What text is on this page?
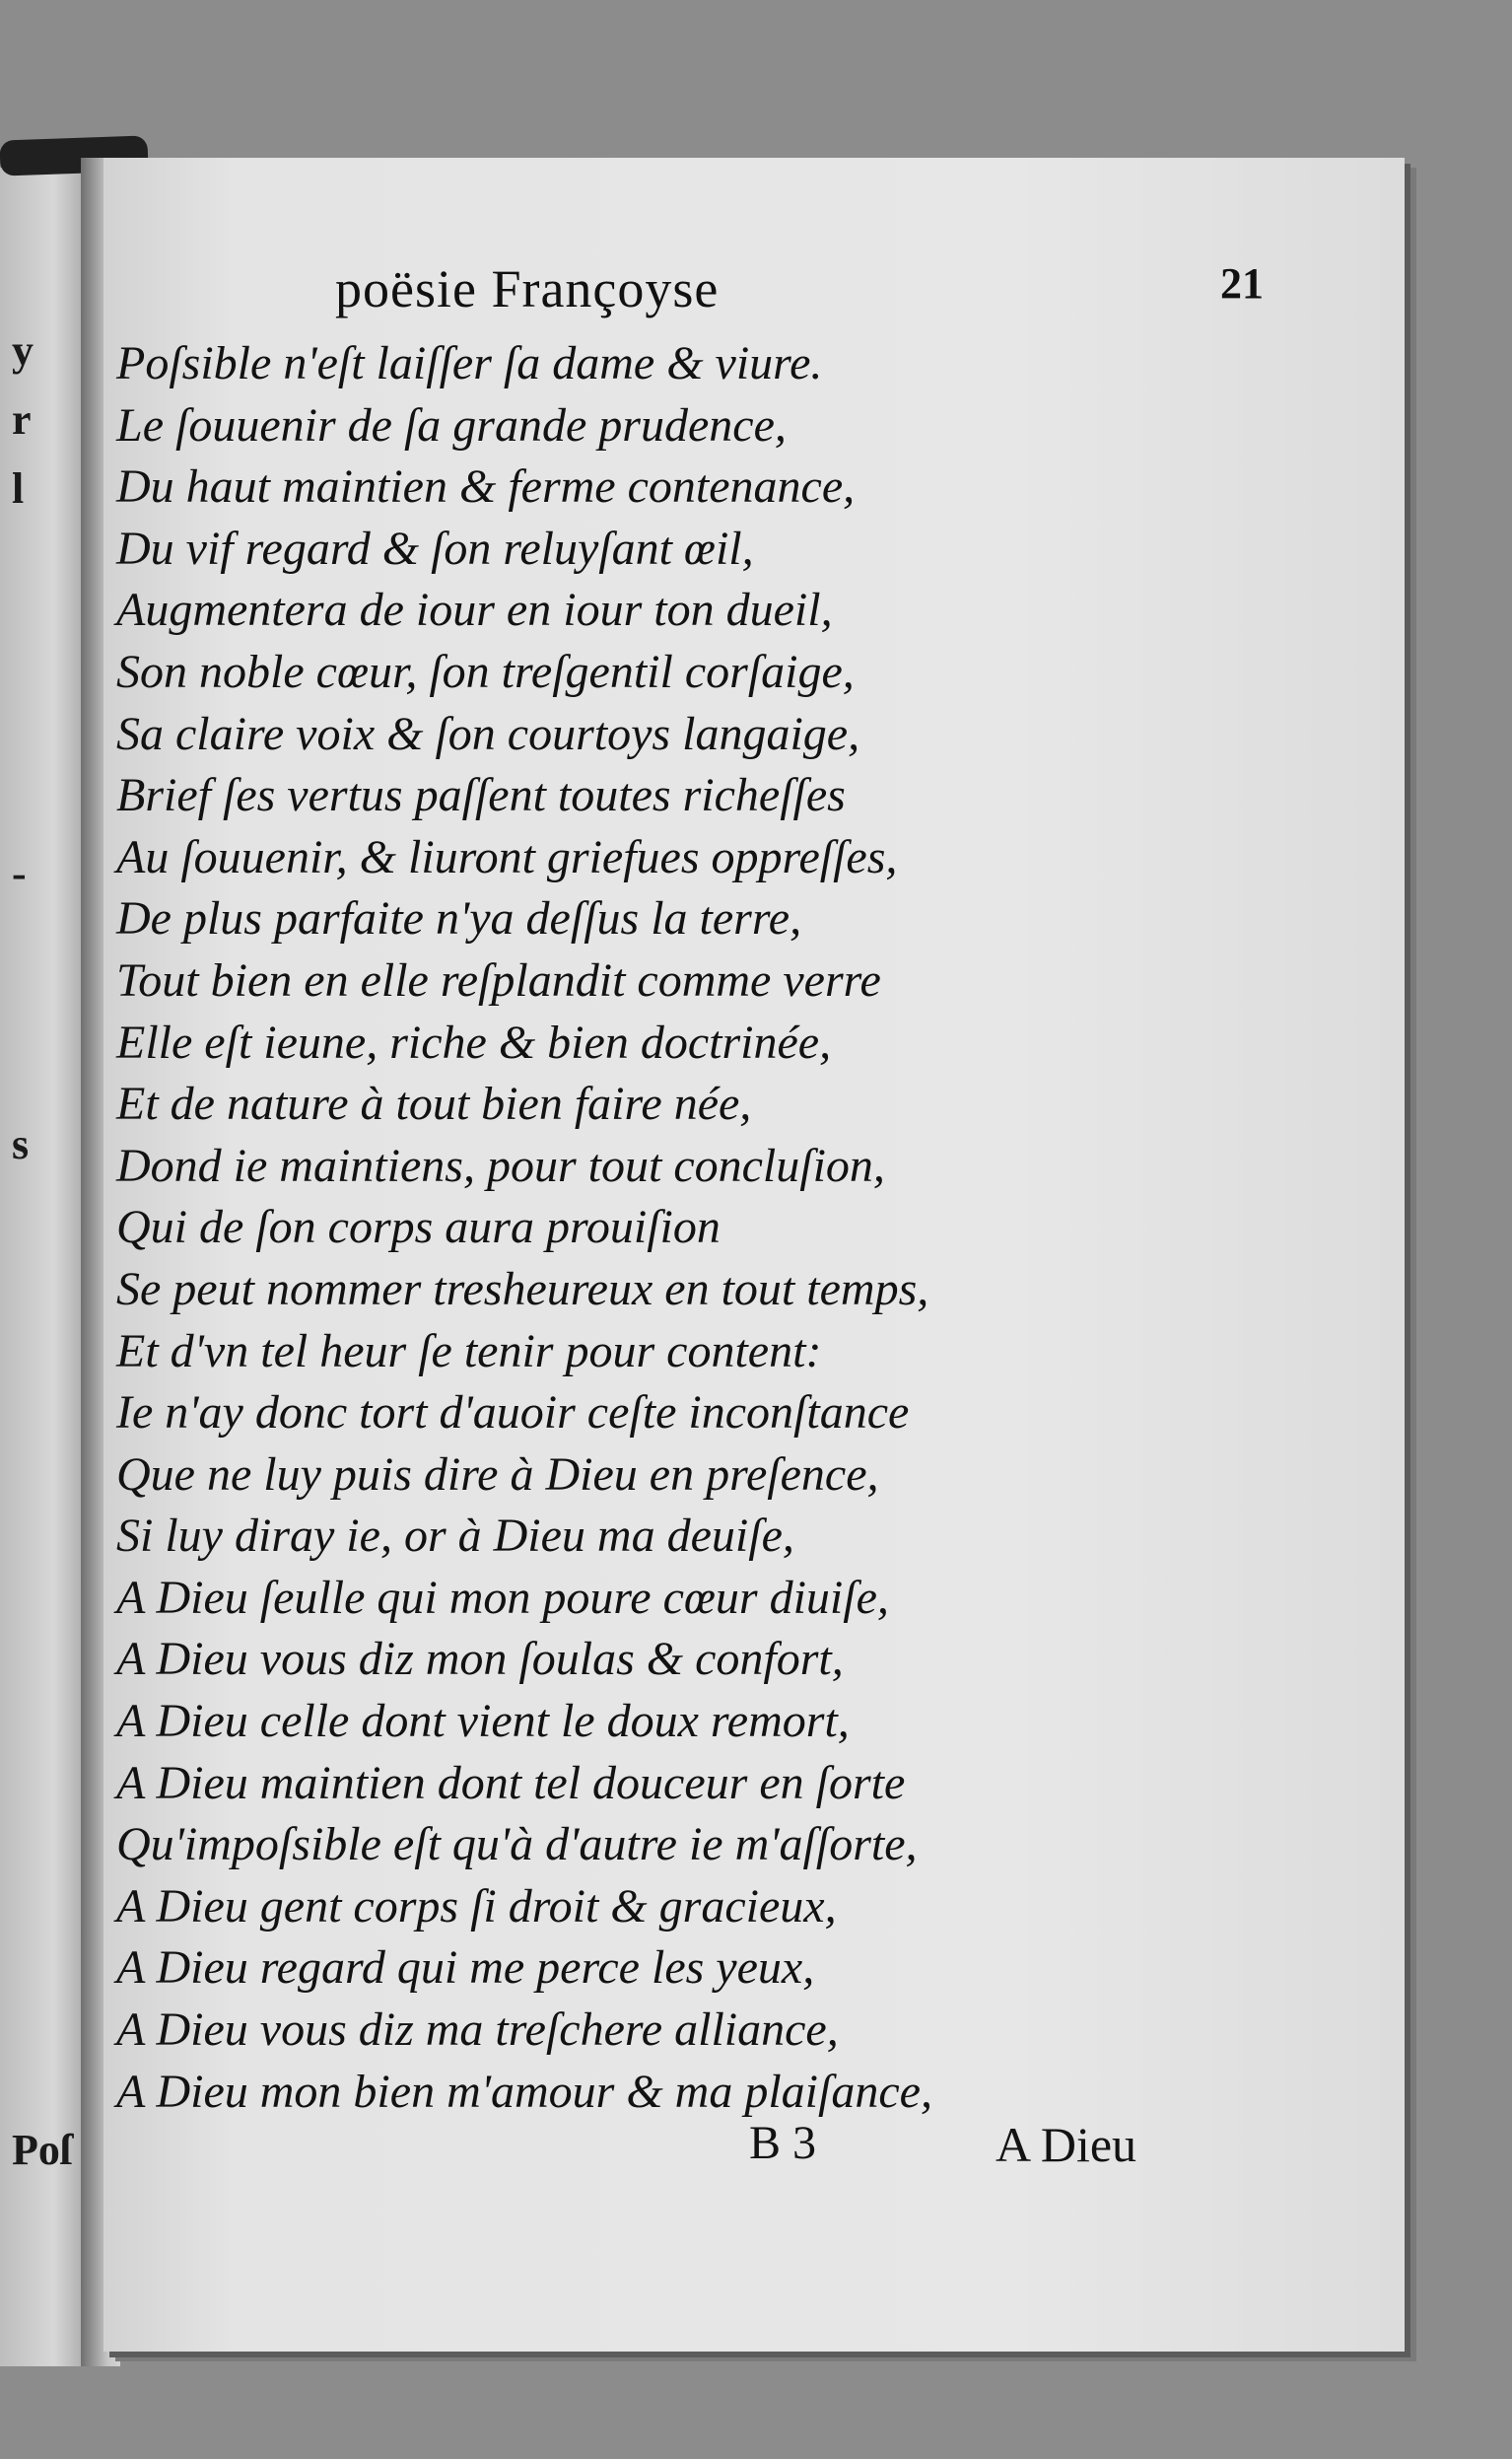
y
r
l
-
s
Poſ
poësie Françoyse	21
Poſsible n'eſt laiſſer ſa dame & viure.
Le ſouuenir de ſa grande prudence,
Du haut maintien & ferme contenance,
Du vif regard & ſon reluyſant œil,
Augmentera de iour en iour ton dueil,
Son noble cœur, ſon treſgentil corſaige,
Sa claire voix & ſon courtoys langaige,
Brief ſes vertus paſſent toutes richeſſes
Au ſouuenir, & liuront griefues oppreſſes,
De plus parfaite n'ya deſſus la terre,
Tout bien en elle reſplandit comme verre
Elle eſt ieune, riche & bien doctrinée,
Et de nature à tout bien faire née,
Dond ie maintiens, pour tout concluſion,
Qui de ſon corps aura prouiſion
Se peut nommer tresheureux en tout temps,
Et d'vn tel heur ſe tenir pour content:
Ie n'ay donc tort d'auoir ceſte inconſtance
Que ne luy puis dire à Dieu en preſence,
Si luy diray ie, or à Dieu ma deuiſe,
A Dieu ſeulle qui mon poure cœur diuiſe,
A Dieu vous diz mon ſoulas & confort,
A Dieu celle dont vient le doux remort,
A Dieu maintien dont tel douceur en ſorte
Qu'impoſsible eſt qu'à d'autre ie m'aſſorte,
A Dieu gent corps ſi droit & gracieux,
A Dieu regard qui me perce les yeux,
A Dieu vous diz ma treſchere alliance,
A Dieu mon bien m'amour & ma plaiſance,
B 3	A Dieu
